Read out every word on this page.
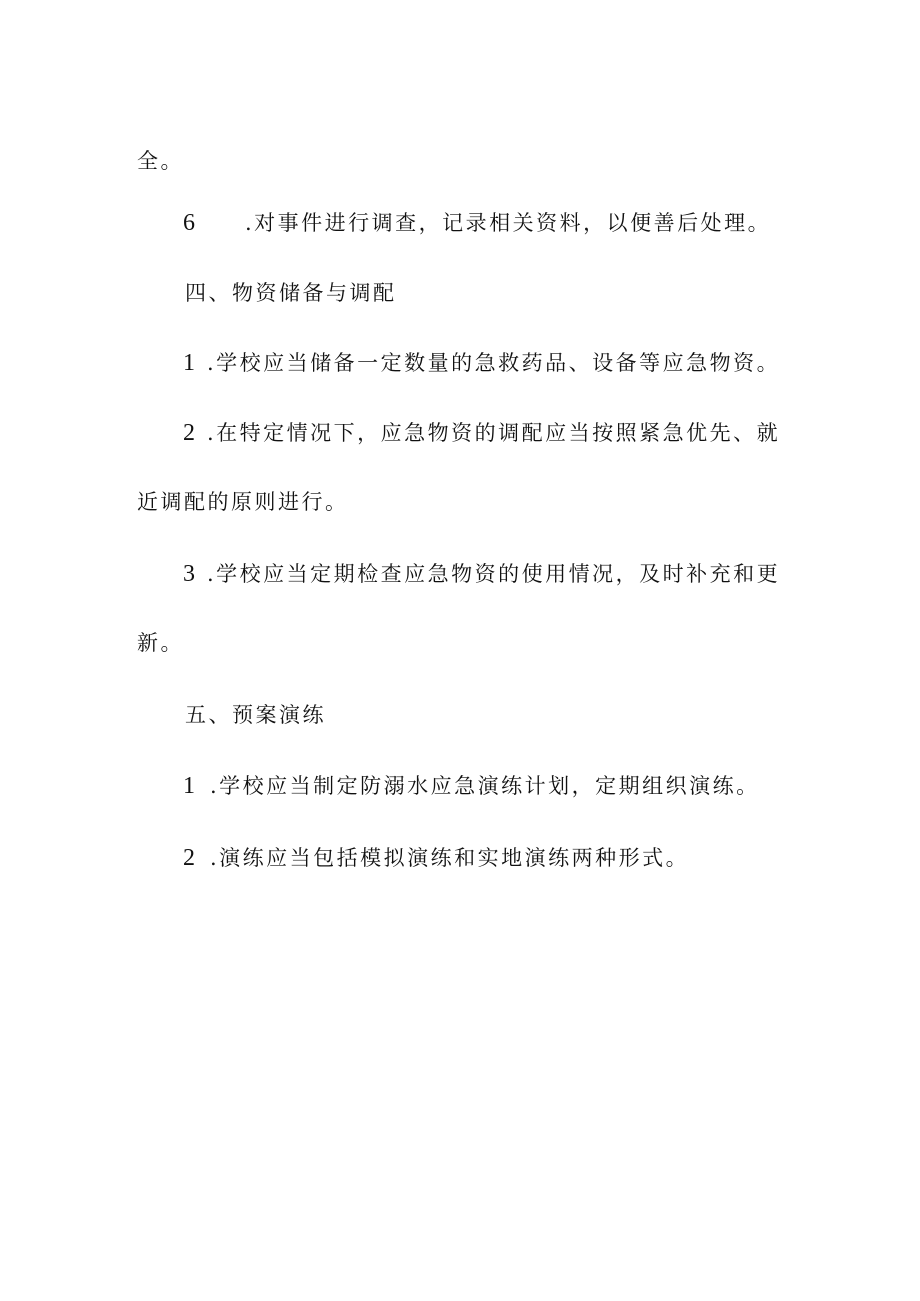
全。
6 .对事件进行调查，记录相关资料，以便善后处理。
四、物资储备与调配
1 .学校应当储备一定数量的急救药品、设备等应急物资。
2 .在特定情况下，应急物资的调配应当按照紧急优先、就
近调配的原则进行。
3 .学校应当定期检查应急物资的使用情况，及时补充和更
新。
五、预案演练
1 .学校应当制定防溺水应急演练计划，定期组织演练。
2 .演练应当包括模拟演练和实地演练两种形式。
